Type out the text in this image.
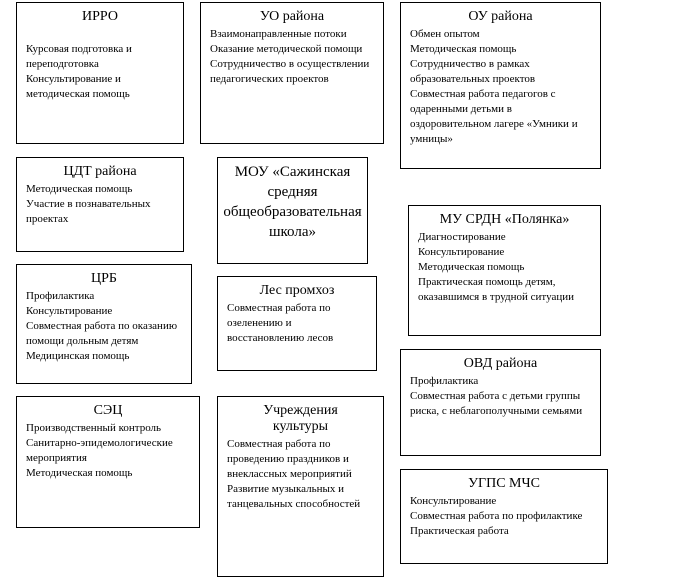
ИРРО
Курсовая подготовка и переподготовка
Консультирование и методическая помощь
ЦДТ района
Методическая помощь
Участие в познавательных проектах
ЦРБ
Профилактика
Консультирование
Совместная работа по оказанию помощи дольным детям
Медицинская помощь
СЭЦ
Производственный контроль
Санитарно-эпидемологические мероприятия
Методическая помощь
УО района
Взаимонаправленные потоки
Оказание методической помощи
Сотрудничество в осуществлении педагогических проектов
МОУ «Сажинская средняя общеобразовательная школа»
Лес промхоз
Совместная работа по озеленению и восстановлению лесов
Учреждения культуры
Совместная работа по проведению праздников и внеклассных мероприятий
Развитие музыкальных и танцевальных способностей
ОУ района
Обмен опытом
Методическая помощь
Сотрудничество в рамках образовательных проектов
Совместная работа педагогов с одаренными детьми в оздоровительном лагере «Умники и умницы»
МУ СРДН «Полянка»
Диагностирование
Консультирование
Методическая помощь
Практическая помощь детям, оказавшимся в трудной ситуации
ОВД района
Профилактика
Совместная работа с детьми группы риска, с неблагополучными семьями
УГПС МЧС
Консультирование
Совместная работа по профилактике
Практическая работа
